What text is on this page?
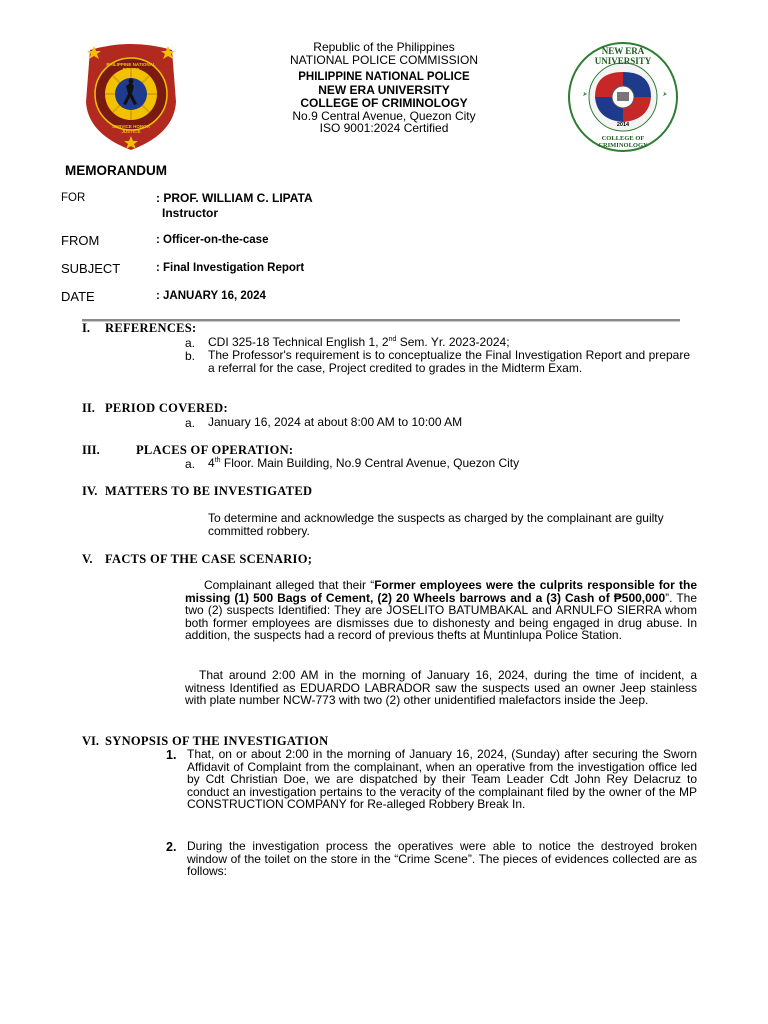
PHILIPPINE NATIONAL POLICE
SERVICE HONOR JUSTICE
NEW ERA UNIVERSITY
COLLEGE OF CRIMINOLOGY
2014
Republic of the Philippines
NATIONAL POLICE COMMISSION
PHILIPPINE NATIONAL POLICE
NEW ERA UNIVERSITY
COLLEGE OF CRIMINOLOGY
No.9 Central Avenue, Quezon City
ISO 9001:2024 Certified
MEMORANDUM
FOR	: PROF. WILLIAM C. LIPATA
Instructor
FROM	: Officer-on-the-case
SUBJECT	: Final Investigation Report
DATE	: JANUARY 16, 2024
I. REFERENCES:
a. CDI 325-18 Technical English 1, 2nd Sem. Yr. 2023-2024;
b. The Professor's requirement is to conceptualize the Final Investigation Report and prepare a referral for the case, Project credited to grades in the Midterm Exam.
II. PERIOD COVERED:
a. January 16, 2024 at about 8:00 AM to 10:00 AM
III.	PLACES OF OPERATION:
a. 4th Floor. Main Building, No.9 Central Avenue, Quezon City
IV. MATTERS TO BE INVESTIGATED
To determine and acknowledge the suspects as charged by the complainant are guilty committed robbery.
V. FACTS OF THE CASE SCENARIO;
Complainant alleged that their “Former employees were the culprits responsible for the missing (1) 500 Bags of Cement, (2) 20 Wheels barrows and a (3) Cash of ₱500,000”. The two (2) suspects Identified: They are JOSELITO BATUMBAKAL and ARNULFO SIERRA whom both former employees are dismisses due to dishonesty and being engaged in drug abuse. In addition, the suspects had a record of previous thefts at Muntinlupa Police Station.
That around 2:00 AM in the morning of January 16, 2024, during the time of incident, a witness Identified as EDUARDO LABRADOR saw the suspects used an owner Jeep stainless with plate number NCW-773 with two (2) other unidentified malefactors inside the Jeep.
VI. SYNOPSIS OF THE INVESTIGATION
1. That, on or about 2:00 in the morning of January 16, 2024, (Sunday) after securing the Sworn Affidavit of Complaint from the complainant, when an operative from the investigation office led by Cdt Christian Doe, we are dispatched by their Team Leader Cdt John Rey Delacruz to conduct an investigation pertains to the veracity of the complainant filed by the owner of the MP CONSTRUCTION COMPANY for Re-alleged Robbery Break In.
2. During the investigation process the operatives were able to notice the destroyed broken window of the toilet on the store in the “Crime Scene”. The pieces of evidences collected are as follows:
